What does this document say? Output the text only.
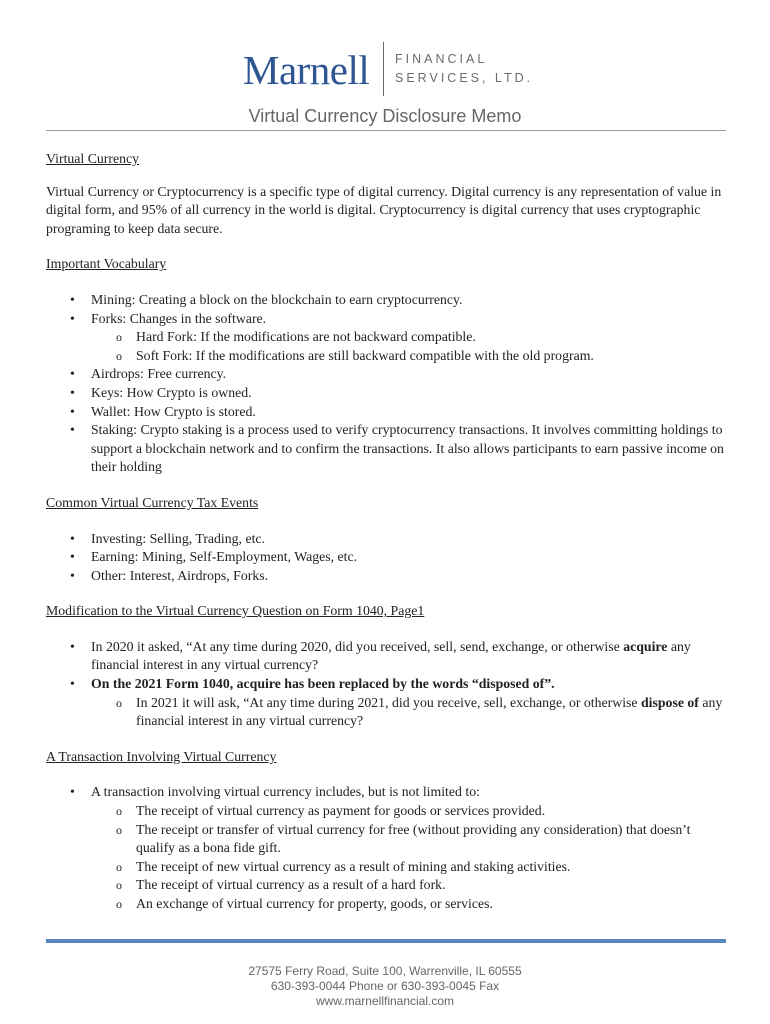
Marnell FINANCIAL
SERVICES, LTD.
Virtual Currency Disclosure Memo

Virtual Currency

Virtual Currency or Cryptocurrency is a specific type of digital currency. Digital currency is any representation of value in digital form, and 95% of all currency in the world is digital. Cryptocurrency is digital currency that uses cryptographic programing to keep data secure.

Important Vocabulary

• Mining: Creating a block on the blockchain to earn cryptocurrency.
• Forks: Changes in the software.
o Hard Fork: If the modifications are not backward compatible.
o Soft Fork: If the modifications are still backward compatible with the old program.
• Airdrops: Free currency.
• Keys: How Crypto is owned.
• Wallet: How Crypto is stored.
• Staking: Crypto staking is a process used to verify cryptocurrency transactions. It involves committing holdings to support a blockchain network and to confirm the transactions. It also allows participants to earn passive income on their holding

Common Virtual Currency Tax Events

• Investing: Selling, Trading, etc.
• Earning: Mining, Self-Employment, Wages, etc.
• Other: Interest, Airdrops, Forks.

Modification to the Virtual Currency Question on Form 1040, Page1

• In 2020 it asked, “At any time during 2020, did you received, sell, send, exchange, or otherwise acquire any financial interest in any virtual currency?
• On the 2021 Form 1040, acquire has been replaced by the words “disposed of”.
o In 2021 it will ask, “At any time during 2021, did you receive, sell, exchange, or otherwise dispose of any financial interest in any virtual currency?

A Transaction Involving Virtual Currency

• A transaction involving virtual currency includes, but is not limited to:
o The receipt of virtual currency as payment for goods or services provided.
o The receipt or transfer of virtual currency for free (without providing any consideration) that doesn’t qualify as a bona fide gift.
o The receipt of new virtual currency as a result of mining and staking activities.
o The receipt of virtual currency as a result of a hard fork.
o An exchange of virtual currency for property, goods, or services.
27575 Ferry Road, Suite 100, Warrenville, IL 60555
630-393-0044 Phone or 630-393-0045 Fax
www.marnellfinancial.com
